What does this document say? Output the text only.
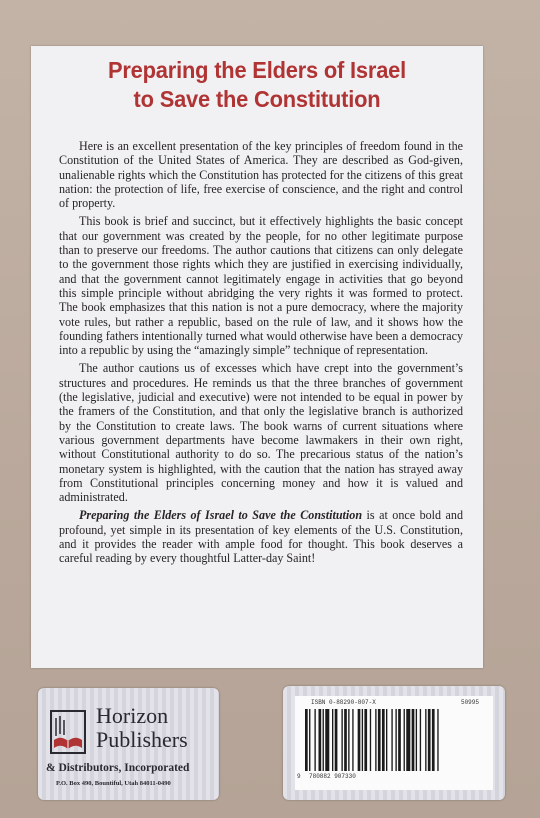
Preparing the Elders of Israel
to Save the Constitution

Here is an excellent presentation of the key principles of freedom found in the Constitution of the United States of America. They are described as God-given, unalienable rights which the Constitution has protected for the citizens of this great nation: the protection of life, free exercise of conscience, and the right and control of property.

This book is brief and succinct, but it effectively highlights the basic concept that our government was created by the people, for no other legitimate purpose than to preserve our freedoms. The author cautions that citizens can only delegate to the government those rights which they are justified in exercising individually, and that the government cannot legitimately engage in activities that go beyond this simple principle without abridging the very rights it was formed to protect. The book emphasizes that this nation is not a pure democracy, where the majority vote rules, but rather a republic, based on the rule of law, and it shows how the founding fathers intentionally turned what would otherwise have been a democracy into a republic by using the “amazingly simple” technique of representation.

The author cautions us of excesses which have crept into the government’s structures and procedures. He reminds us that the three branches of government (the legislative, judicial and executive) were not intended to be equal in power by the framers of the Constitution, and that only the legislative branch is authorized by the Constitution to create laws. The book warns of current situations where various government departments have become lawmakers in their own right, without Constitutional authority to do so. The precarious status of the nation’s monetary system is highlighted, with the caution that the nation has strayed away from Constitutional principles concerning money and how it is valued and administrated.

Preparing the Elders of Israel to Save the Constitution is at once bold and profound, yet simple in its presentation of key elements of the U.S. Constitution, and it provides the reader with ample food for thought. This book deserves a careful reading by every thoughtful Latter-day Saint!

Horizon
Publishers
& Distributors, Incorporated
P.O. Box 490, Bountiful, Utah 84011-0490
ISBN 0-88290-807-X	50995
9 780882 907330
